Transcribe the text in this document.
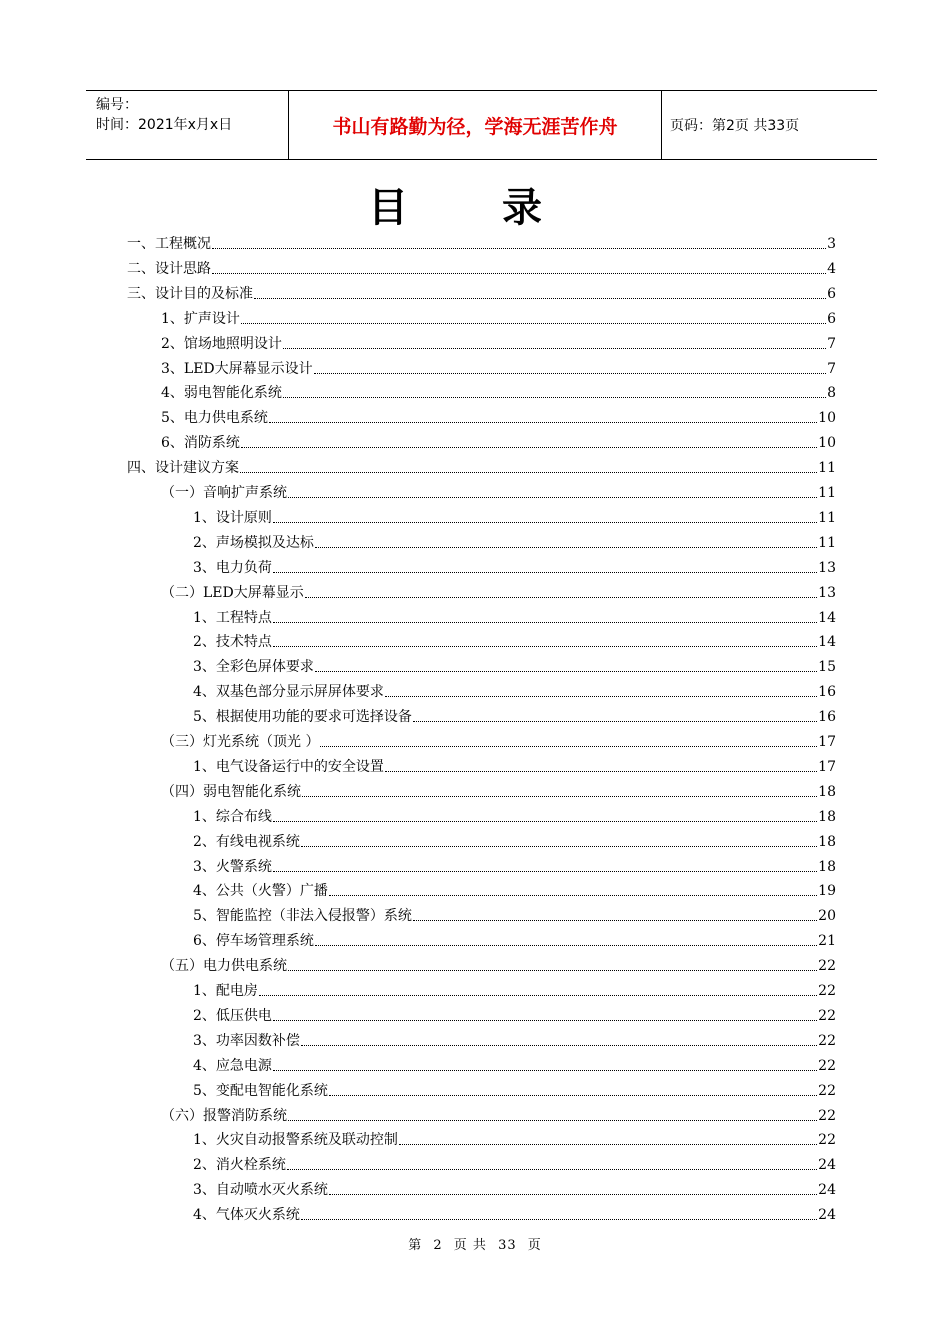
编号：
时间：2021年x月x日	书山有路勤为径，学海无涯苦作舟	页码：第2页 共33页
目 录
一、工程概况	3
二、设计思路	4
三、设计目的及标准	6
1、扩声设计	6
2、馆场地照明设计	7
3、LED大屏幕显示设计	7
4、弱电智能化系统	8
5、电力供电系统	10
6、消防系统	10
四、设计建议方案	11
（一）音响扩声系统	11
1、设计原则	11
2、声场模拟及达标	11
3、电力负荷	13
（二）LED大屏幕显示	13
1、工程特点	14
2、技术特点	14
3、全彩色屏体要求	15
4、双基色部分显示屏屏体要求	16
5、根据使用功能的要求可选择设备	16
（三）灯光系统（顶光 ）	17
1、电气设备运行中的安全设置	17
（四）弱电智能化系统	18
1、综合布线	18
2、有线电视系统	18
3、火警系统	18
4、公共（火警）广播	19
5、智能监控（非法入侵报警）系统	20
6、停车场管理系统	21
（五）电力供电系统	22
1、配电房	22
2、低压供电	22
3、功率因数补偿	22
4、应急电源	22
5、变配电智能化系统	22
（六）报警消防系统	22
1、火灾自动报警系统及联动控制	22
2、消火栓系统	24
3、自动喷水灭火系统	24
4、气体灭火系统	24
第 2 页 共 33 页
